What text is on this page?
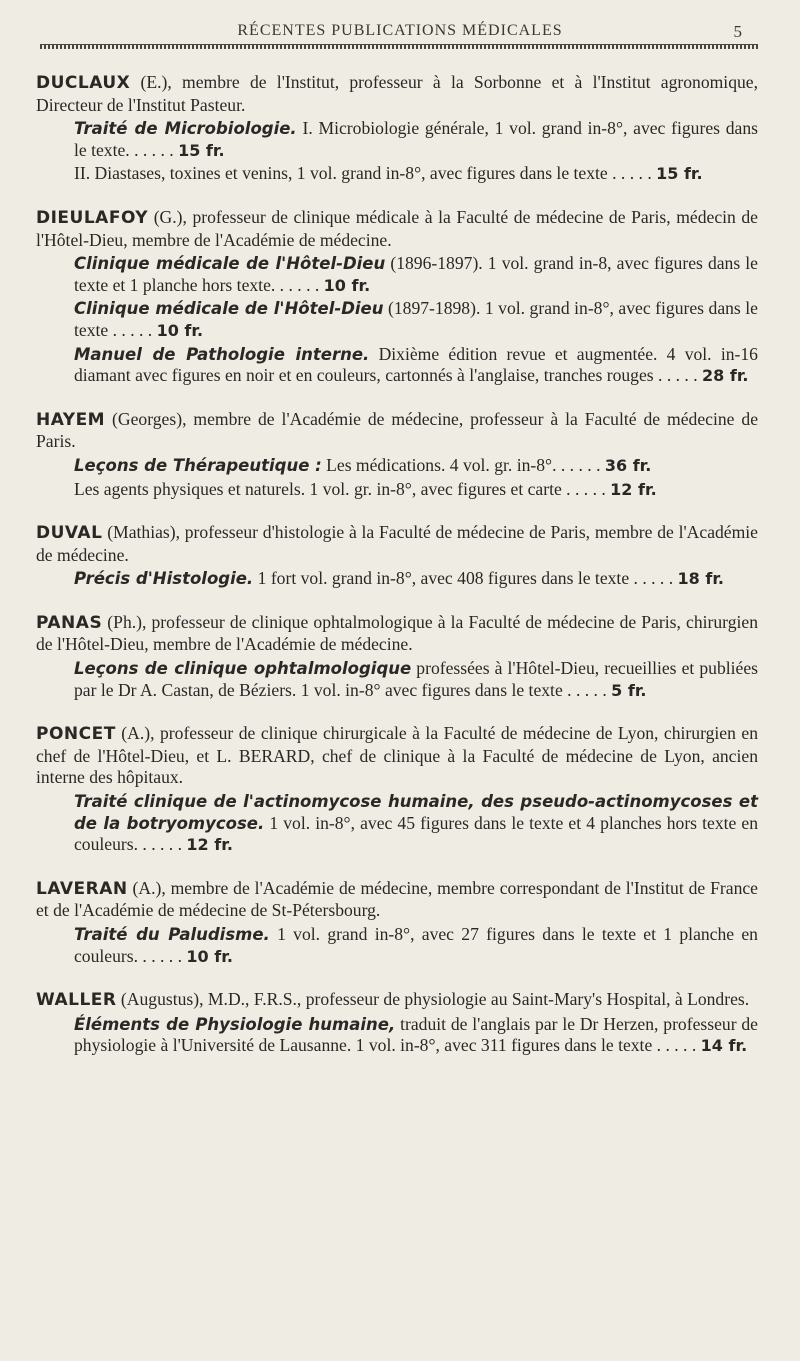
RÉCENTES PUBLICATIONS MÉDICALES	5

DUCLAUX (E.), membre de l'Institut, professeur à la Sorbonne et à l'Institut agronomique, Directeur de l'Institut Pasteur.

Traité de Microbiologie. I. Microbiologie générale, 1 vol. grand in-8°, avec figures dans le texte. . . . . . 15 fr.

II. Diastases, toxines et venins, 1 vol. grand in-8°, avec figures dans le texte . . . . . 15 fr.

DIEULAFOY (G.), professeur de clinique médicale à la Faculté de médecine de Paris, médecin de l'Hôtel-Dieu, membre de l'Académie de médecine.

Clinique médicale de l'Hôtel-Dieu (1896-1897). 1 vol. grand in-8, avec figures dans le texte et 1 planche hors texte. . . . . . 10 fr.

Clinique médicale de l'Hôtel-Dieu (1897-1898). 1 vol. grand in-8°, avec figures dans le texte . . . . . 10 fr.

Manuel de Pathologie interne. Dixième édition revue et augmentée. 4 vol. in-16 diamant avec figures en noir et en couleurs, cartonnés à l'anglaise, tranches rouges . . . . . 28 fr.

HAYEM (Georges), membre de l'Académie de médecine, professeur à la Faculté de médecine de Paris.

Leçons de Thérapeutique : Les médications. 4 vol. gr. in-8°. . . . . . 36 fr.

Les agents physiques et naturels. 1 vol. gr. in-8°, avec figures et carte . . . . . 12 fr.

DUVAL (Mathias), professeur d'histologie à la Faculté de médecine de Paris, membre de l'Académie de médecine.

Précis d'Histologie. 1 fort vol. grand in-8°, avec 408 figures dans le texte . . . . . 18 fr.

PANAS (Ph.), professeur de clinique ophtalmologique à la Faculté de médecine de Paris, chirurgien de l'Hôtel-Dieu, membre de l'Académie de médecine.

Leçons de clinique ophtalmologique professées à l'Hôtel-Dieu, recueillies et publiées par le Dr A. Castan, de Béziers. 1 vol. in-8° avec figures dans le texte . . . . . 5 fr.

PONCET (A.), professeur de clinique chirurgicale à la Faculté de médecine de Lyon, chirurgien en chef de l'Hôtel-Dieu, et L. BERARD, chef de clinique à la Faculté de médecine de Lyon, ancien interne des hôpitaux.

Traité clinique de l'actinomycose humaine, des pseudo-actinomycoses et de la botryomycose. 1 vol. in-8°, avec 45 figures dans le texte et 4 planches hors texte en couleurs. . . . . . 12 fr.

LAVERAN (A.), membre de l'Académie de médecine, membre correspondant de l'Institut de France et de l'Académie de médecine de St-Pétersbourg.

Traité du Paludisme. 1 vol. grand in-8°, avec 27 figures dans le texte et 1 planche en couleurs. . . . . . 10 fr.

WALLER (Augustus), M.D., F.R.S., professeur de physiologie au Saint-Mary's Hospital, à Londres.

Éléments de Physiologie humaine, traduit de l'anglais par le Dr Herzen, professeur de physiologie à l'Université de Lausanne. 1 vol. in-8°, avec 311 figures dans le texte . . . . . 14 fr.
